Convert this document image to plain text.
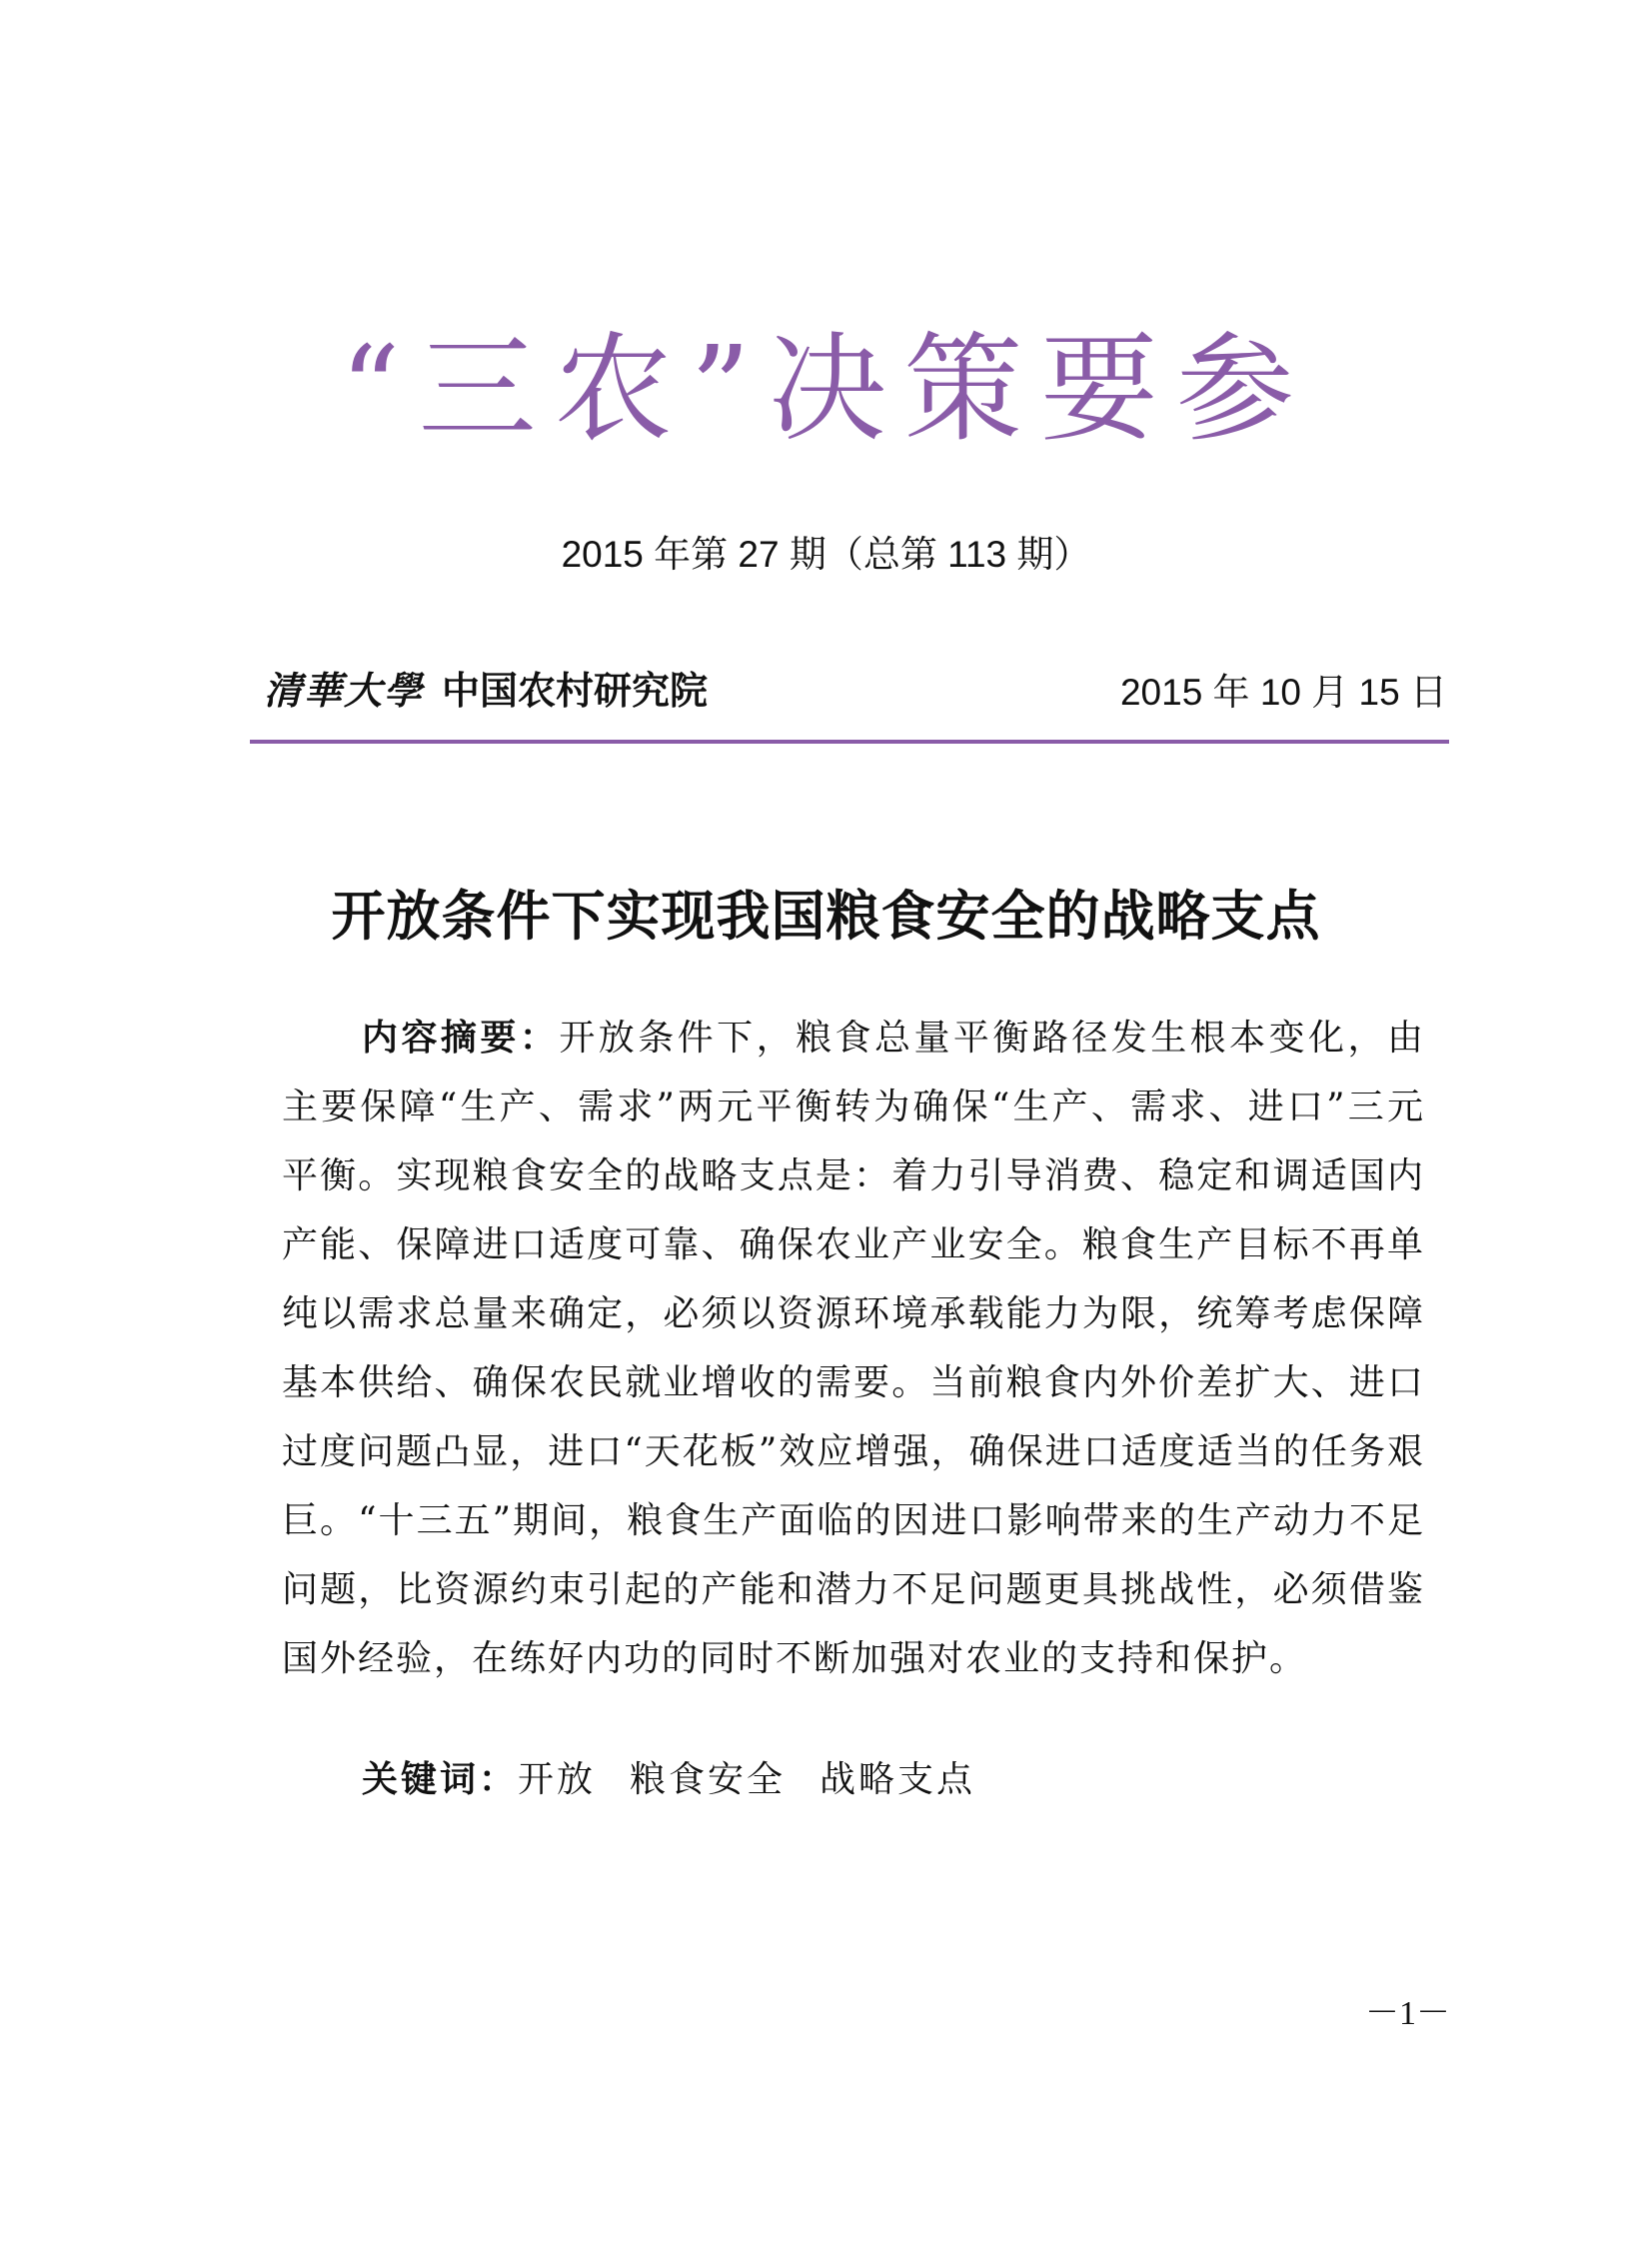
“三农”决策要参
2015 年第 27 期（总第 113 期）
清華大學 中国农村研究院	2015 年 10 月 15 日
开放条件下实现我国粮食安全的战略支点

内容摘要：开放条件下，粮食总量平衡路径发生根本变化，由主要保障“生产、需求”两元平衡转为确保“生产、需求、进口”三元平衡。实现粮食安全的战略支点是：着力引导消费、稳定和调适国内产能、保障进口适度可靠、确保农业产业安全。粮食生产目标不再单纯以需求总量来确定，必须以资源环境承载能力为限，统筹考虑保障基本供给、确保农民就业增收的需要。当前粮食内外价差扩大、进口过度问题凸显，进口“天花板”效应增强，确保进口适度适当的任务艰巨。“十三五”期间，粮食生产面临的因进口影响带来的生产动力不足问题，比资源约束引起的产能和潜力不足问题更具挑战性，必须借鉴国外经验，在练好内功的同时不断加强对农业的支持和保护。

关键词：开放 粮食安全 战略支点
－1－
